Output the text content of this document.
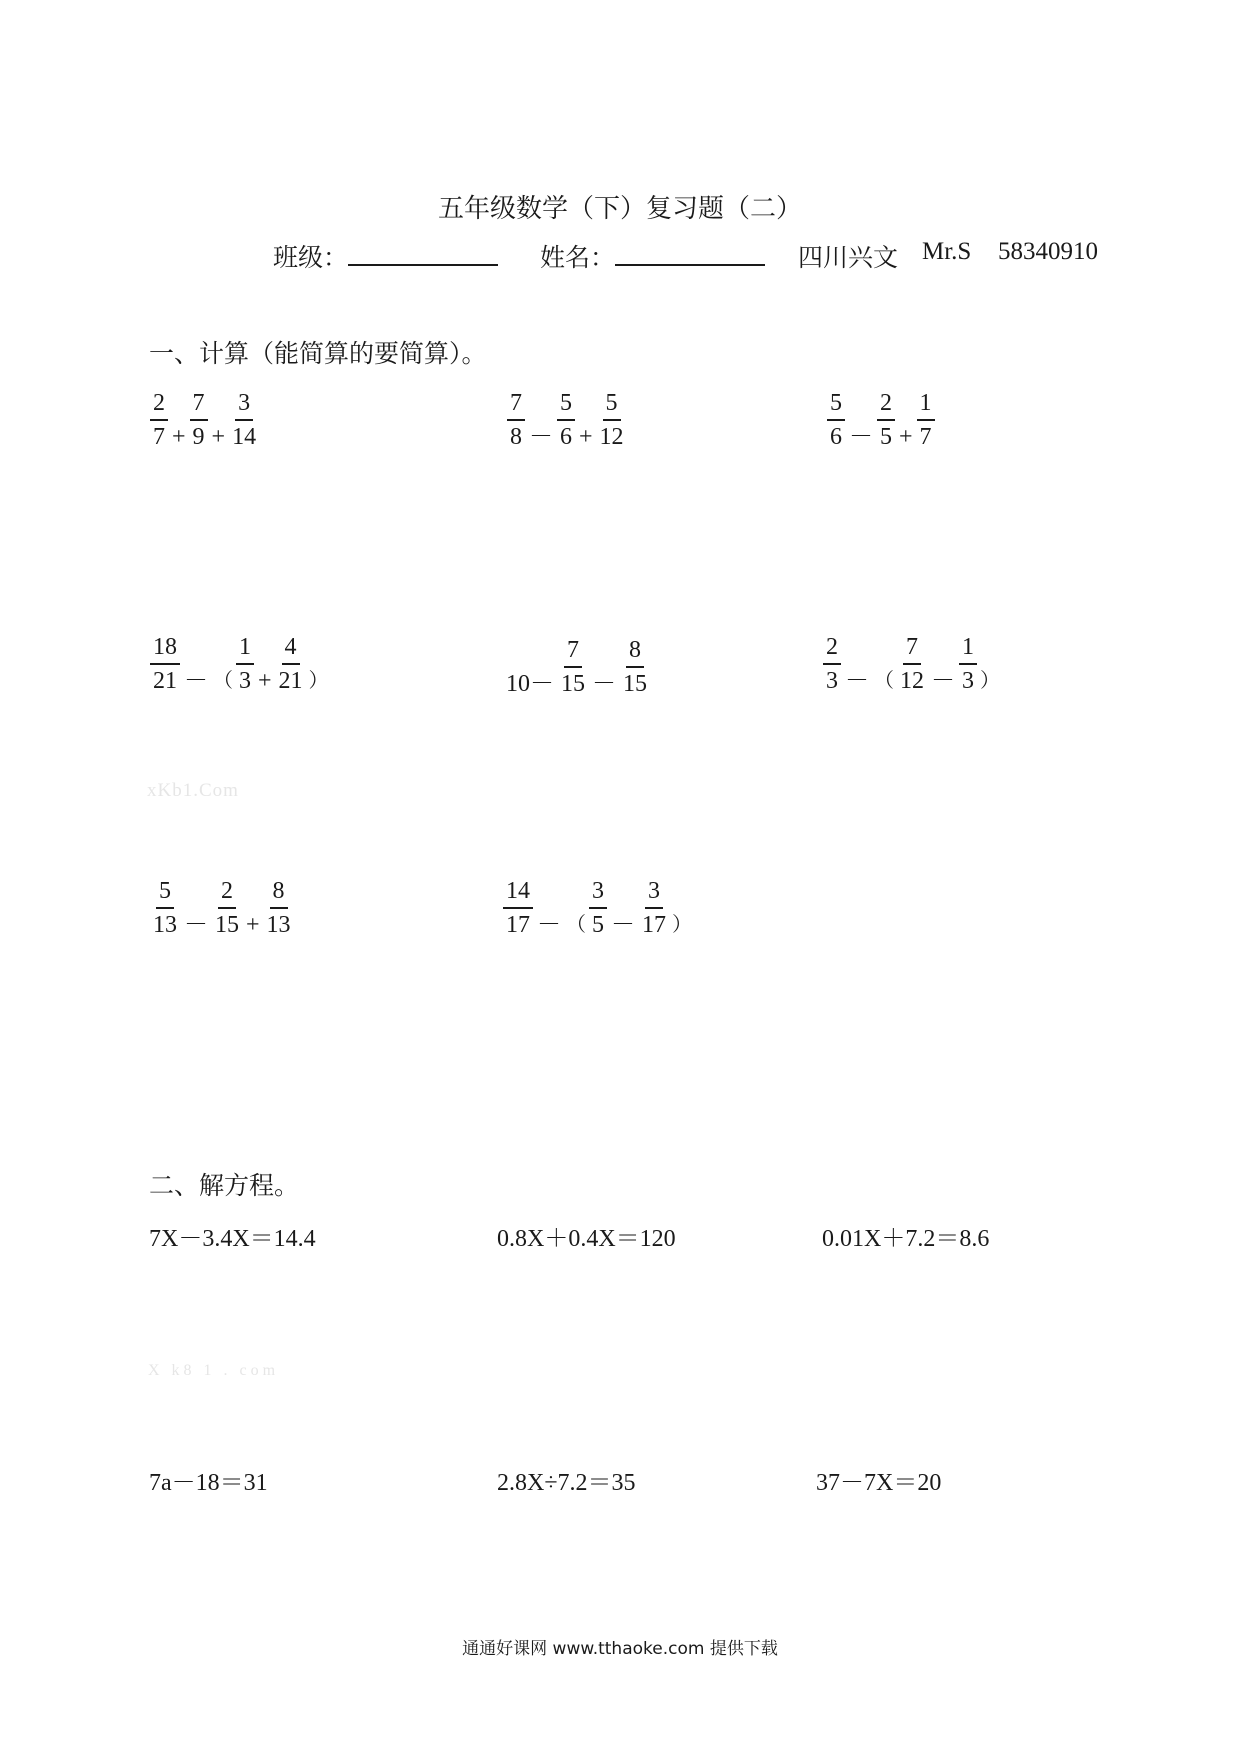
五年级数学（下）复习题（二）
班级：	姓名：	四川兴文 Mr.S 58340910
一、计算（能简算的要简算）。
$\frac{2}{7} + \frac{7}{9} + \frac{3}{14}$	$\frac{7}{8} - \frac{5}{6} + \frac{5}{12}$	$\frac{5}{6} - \frac{2}{5} + \frac{1}{7}$
$\frac{18}{21}$ － （ $\frac{1}{3} + \frac{4}{21}$ ）	$10- \frac{7}{15} - \frac{8}{15}$	$\frac{2}{3}$ － （ $\frac{7}{12} - \frac{1}{3}$ ）
$\frac{5}{13} - \frac{2}{15} + \frac{8}{13}$	$\frac{14}{17}$ － （ $\frac{3}{5} - \frac{3}{17}$ ）
xKb1.Com
二、解方程。
7X－3.4X＝14.4	0.8X＋0.4X＝120	0.01X＋7.2＝8.6
X k8 1 . com
7a－18＝31	2.8X÷7.2＝35	37－7X＝20
通通好课网 www.tthaoke.com 提供下载
